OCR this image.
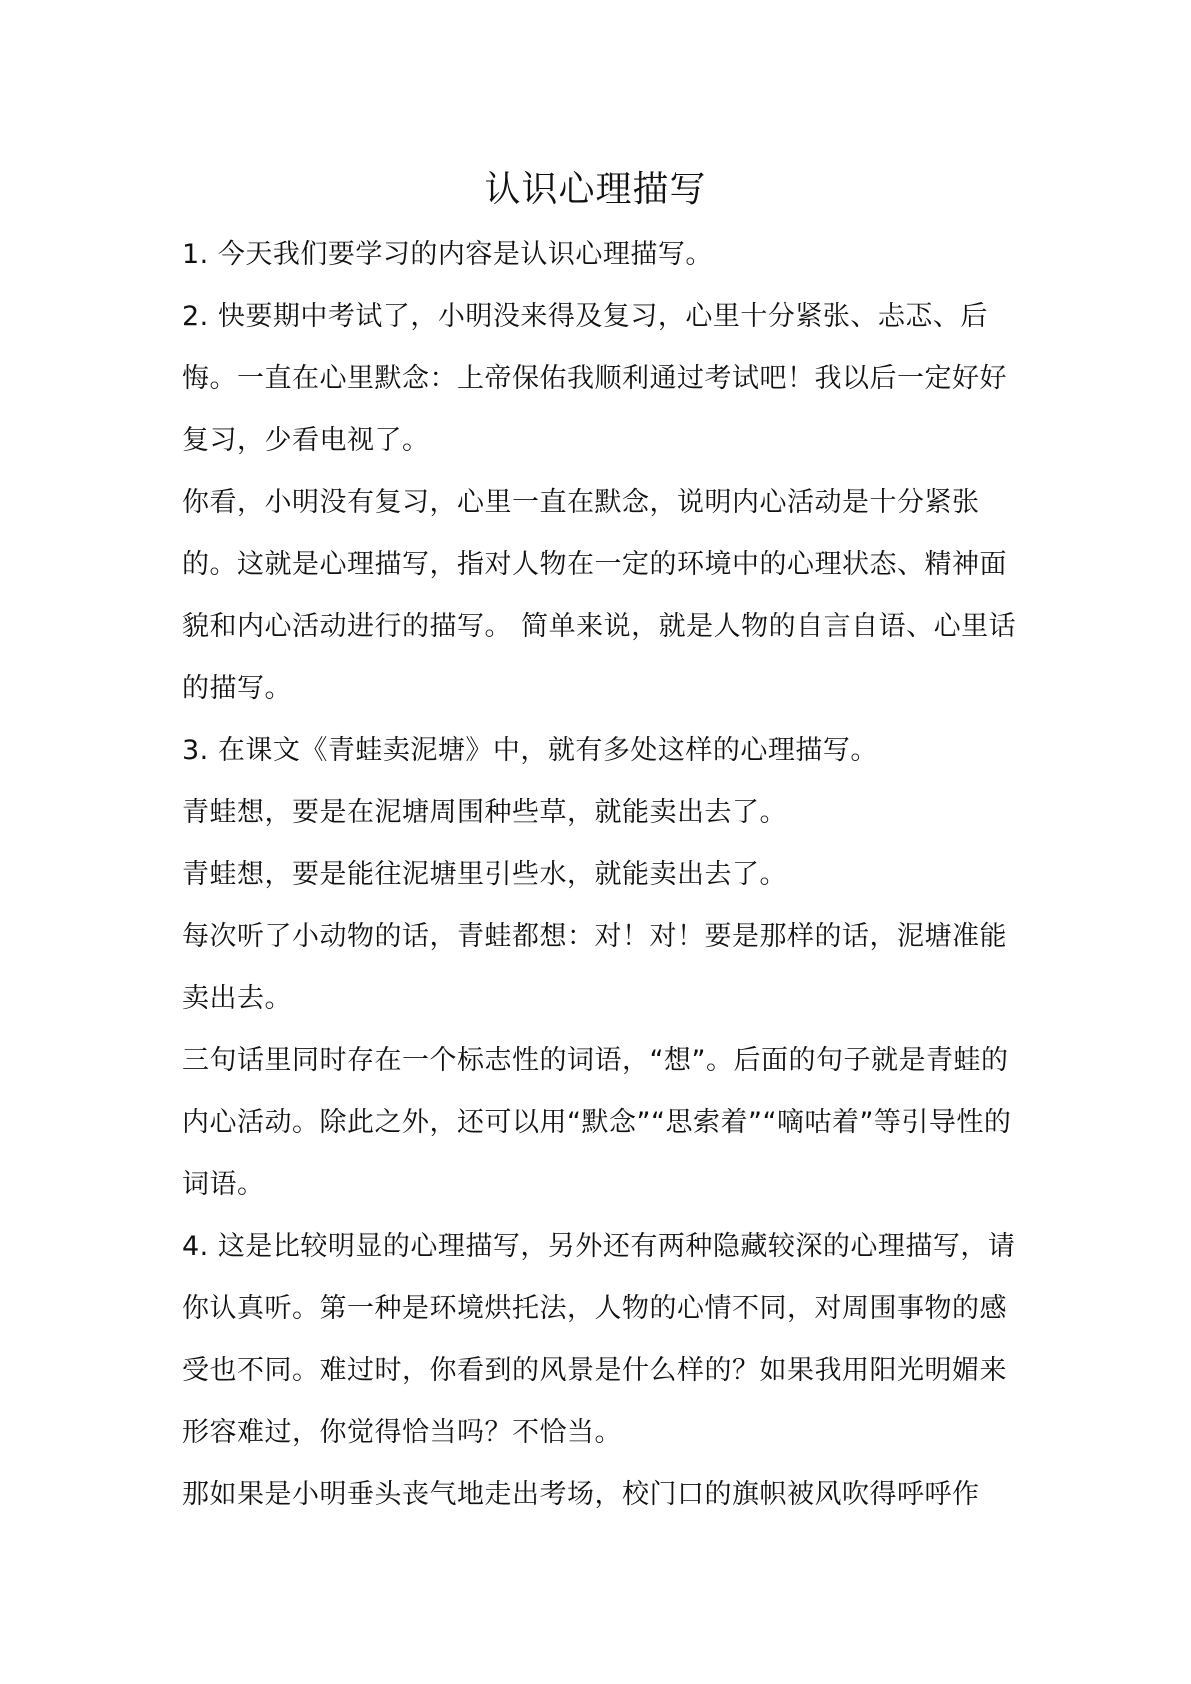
认识心理描写

1. 今天我们要学习的内容是认识心理描写。

2. 快要期中考试了，小明没来得及复习，心里十分紧张、忐忑、后悔。一直在心里默念：上帝保佑我顺利通过考试吧！我以后一定好好复习，少看电视了。

你看，小明没有复习，心里一直在默念，说明内心活动是十分紧张的。这就是心理描写，指对人物在一定的环境中的心理状态、精神面貌和内心活动进行的描写。 简单来说，就是人物的自言自语、心里话的描写。

3. 在课文《青蛙卖泥塘》中，就有多处这样的心理描写。

青蛙想，要是在泥塘周围种些草，就能卖出去了。

青蛙想，要是能往泥塘里引些水，就能卖出去了。

每次听了小动物的话，青蛙都想：对！对！要是那样的话，泥塘准能卖出去。

三句话里同时存在一个标志性的词语，“想”。后面的句子就是青蛙的内心活动。除此之外，还可以用“默念”“思索着”“嘀咕着”等引导性的词语。

4. 这是比较明显的心理描写，另外还有两种隐藏较深的心理描写，请你认真听。第一种是环境烘托法，人物的心情不同，对周围事物的感受也不同。难过时，你看到的风景是什么样的？如果我用阳光明媚来形容难过，你觉得恰当吗？不恰当。

那如果是小明垂头丧气地走出考场，校门口的旗帜被风吹得呼呼作
